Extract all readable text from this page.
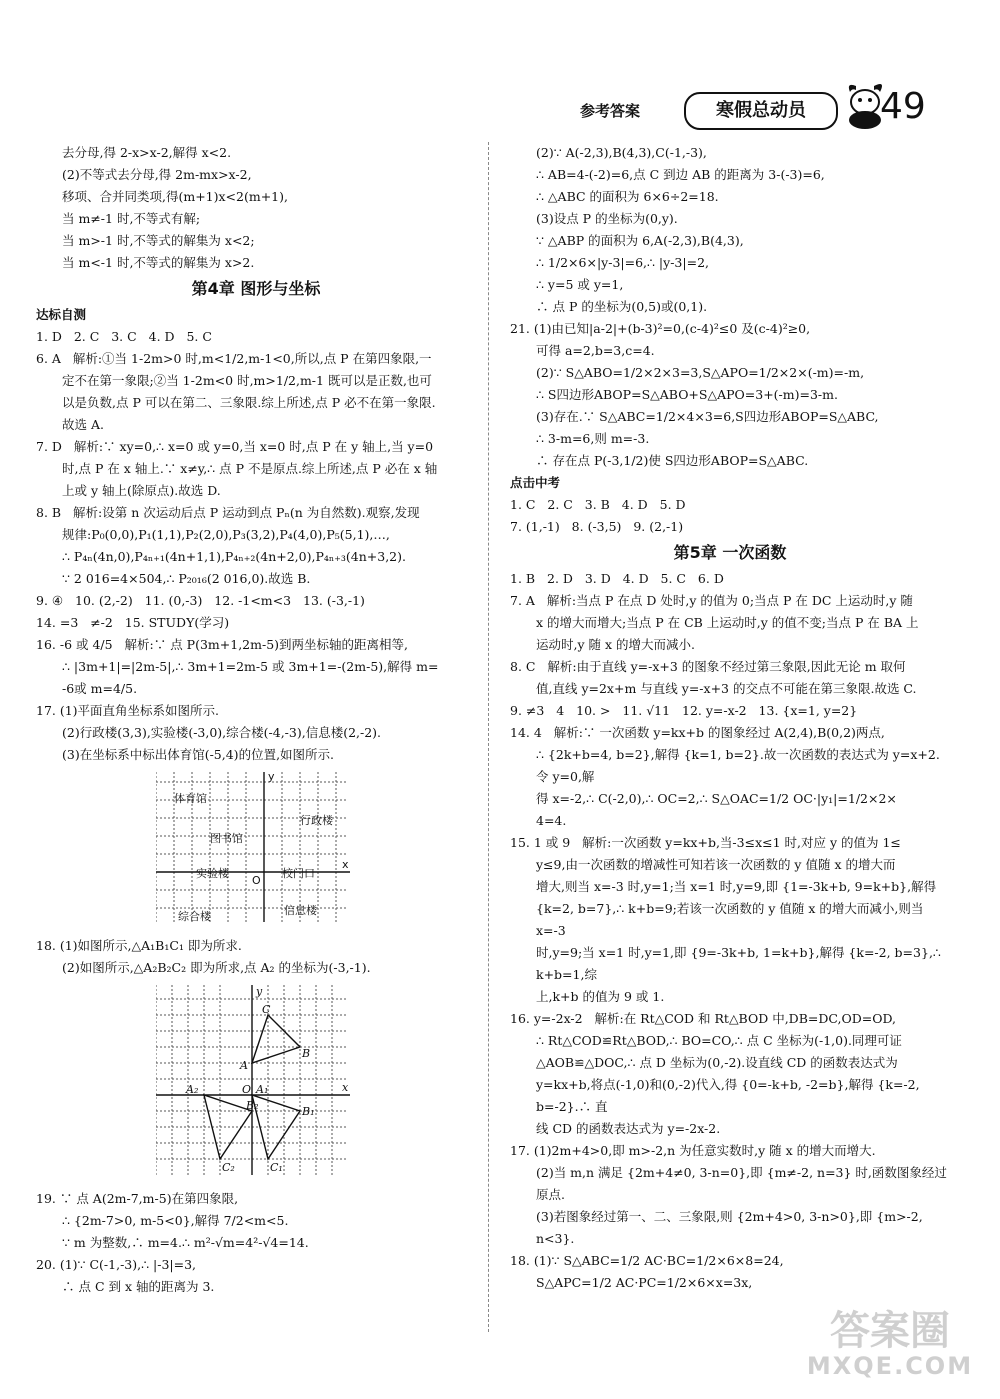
参考答案	寒假总动员	49

去分母,得 2-x>x-2,解得 x<2.

(2)不等式去分母,得 2m-mx>x-2,

移项、合并同类项,得(m+1)x<2(m+1),

当 m≠-1 时,不等式有解;

当 m>-1 时,不等式的解集为 x<2;

当 m<-1 时,不等式的解集为 x>2.

第4章 图形与坐标
达标自测

1. D   2. C   3. C   4. D   5. C

6. A   解析:①当 1-2m>0 时,m<1/2,m-1<0,所以,点 P 在第四象限,一

定不在第一象限;②当 1-2m<0 时,m>1/2,m-1 既可以是正数,也可

以是负数,点 P 可以在第二、三象限.综上所述,点 P 必不在第一象限.

故选 A.

7. D   解析:∵ xy=0,∴ x=0 或 y=0,当 x=0 时,点 P 在 y 轴上,当 y=0

时,点 P 在 x 轴上.∵ x≠y,∴ 点 P 不是原点.综上所述,点 P 必在 x 轴

上或 y 轴上(除原点).故选 D.

8. B   解析:设第 n 次运动后点 P 运动到点 Pₙ(n 为自然数).观察,发现

规律:P₀(0,0),P₁(1,1),P₂(2,0),P₃(3,2),P₄(4,0),P₅(5,1),…,

∴ P₄ₙ(4n,0),P₄ₙ₊₁(4n+1,1),P₄ₙ₊₂(4n+2,0),P₄ₙ₊₃(4n+3,2).

∵ 2 016=4×504,∴ P₂₀₁₆(2 016,0).故选 B.

9. ④   10. (2,-2)   11. (0,-3)   12. -1<m<3   13. (-3,-1)

14. =3   ≠-2   15. STUDY(学习)

16. -6 或 4/5   解析:∵ 点 P(3m+1,2m-5)到两坐标轴的距离相等,

∴ |3m+1|=|2m-5|,∴ 3m+1=2m-5 或 3m+1=-(2m-5),解得 m=

-6或 m=4/5.

17. (1)平面直角坐标系如图所示.

(2)行政楼(3,3),实验楼(-3,0),综合楼(-4,-3),信息楼(2,-2).

(3)在坐标系中标出体育馆(-5,4)的位置,如图所示.

体育馆
行政楼
图书馆
实验楼	校门口
信息楼
综合楼
O
x
y

18. (1)如图所示,△A₁B₁C₁ 即为所求.

(2)如图所示,△A₂B₂C₂ 即为所求,点 A₂ 的坐标为(-3,-1).

C
B
A
A₂	O A₁
B₂	B₁
C₂	C₁
x
y

19. ∵ 点 A(2m-7,m-5)在第四象限,

∴ {2m-7>0, m-5<0},解得 7/2<m<5.

∵ m 为整数,∴ m=4.∴ m²-√m=4²-√4=14.

20. (1)∵ C(-1,-3),∴ |-3|=3,

∴ 点 C 到 x 轴的距离为 3.

(2)∵ A(-2,3),B(4,3),C(-1,-3),

∴ AB=4-(-2)=6,点 C 到边 AB 的距离为 3-(-3)=6,

∴ △ABC 的面积为 6×6÷2=18.

(3)设点 P 的坐标为(0,y).

∵ △ABP 的面积为 6,A(-2,3),B(4,3),

∴ 1/2×6×|y-3|=6,∴ |y-3|=2,

∴ y=5 或 y=1,

∴ 点 P 的坐标为(0,5)或(0,1).

21. (1)由已知|a-2|+(b-3)²=0,(c-4)²≤0 及(c-4)²≥0,

可得 a=2,b=3,c=4.

(2)∵ S△ABO=1/2×2×3=3,S△APO=1/2×2×(-m)=-m,

∴ S四边形ABOP=S△ABO+S△APO=3+(-m)=3-m.

(3)存在.∵ S△ABC=1/2×4×3=6,S四边形ABOP=S△ABC,

∴ 3-m=6,则 m=-3.

∴ 存在点 P(-3,1/2)使 S四边形ABOP=S△ABC.

点击中考

1. C   2. C   3. B   4. D   5. D

7. (1,-1)   8. (-3,5)   9. (2,-1)

第5章 一次函数

1. B   2. D   3. D   4. D   5. C   6. D

7. A   解析:当点 P 在点 D 处时,y 的值为 0;当点 P 在 DC 上运动时,y 随

x 的增大而增大;当点 P 在 CB 上运动时,y 的值不变;当点 P 在 BA 上

运动时,y 随 x 的增大而减小.

8. C   解析:由于直线 y=-x+3 的图象不经过第三象限,因此无论 m 取何

值,直线 y=2x+m 与直线 y=-x+3 的交点不可能在第三象限.故选 C.

9. ≠3   4   10. >   11. √11   12. y=-x-2   13. {x=1, y=2}

14. 4   解析:∵ 一次函数 y=kx+b 的图象经过 A(2,4),B(0,2)两点,

∴ {2k+b=4, b=2},解得 {k=1, b=2}.故一次函数的表达式为 y=x+2.令 y=0,解

得 x=-2,∴ C(-2,0),∴ OC=2,∴ S△OAC=1/2 OC·|y₁|=1/2×2×

4=4.

15. 1 或 9   解析:一次函数 y=kx+b,当-3≤x≤1 时,对应 y 的值为 1≤

y≤9,由一次函数的增减性可知若该一次函数的 y 值随 x 的增大而

增大,则当 x=-3 时,y=1;当 x=1 时,y=9,即 {1=-3k+b, 9=k+b},解得

{k=2, b=7},∴ k+b=9;若该一次函数的 y 值随 x 的增大而减小,则当 x=-3

时,y=9;当 x=1 时,y=1,即 {9=-3k+b, 1=k+b},解得 {k=-2, b=3},∴ k+b=1,综

上,k+b 的值为 9 或 1.

16. y=-2x-2   解析:在 Rt△COD 和 Rt△BOD 中,DB=DC,OD=OD,

∴ Rt△COD≌Rt△BOD,∴ BO=CO,∴ 点 C 坐标为(-1,0).同理可证

△AOB≌△DOC,∴ 点 D 坐标为(0,-2).设直线 CD 的函数表达式为

y=kx+b,将点(-1,0)和(0,-2)代入,得 {0=-k+b, -2=b},解得 {k=-2, b=-2}.∴ 直

线 CD 的函数表达式为 y=-2x-2.

17. (1)2m+4>0,即 m>-2,n 为任意实数时,y 随 x 的增大而增大.

(2)当 m,n 满足 {2m+4≠0, 3-n=0},即 {m≠-2, n=3} 时,函数图象经过原点.

(3)若图象经过第一、二、三象限,则 {2m+4>0, 3-n>0},即 {m>-2, n<3}.

18. (1)∵ S△ABC=1/2 AC·BC=1/2×6×8=24,

S△APC=1/2 AC·PC=1/2×6×x=3x,

答案圈
MXQE.COM
